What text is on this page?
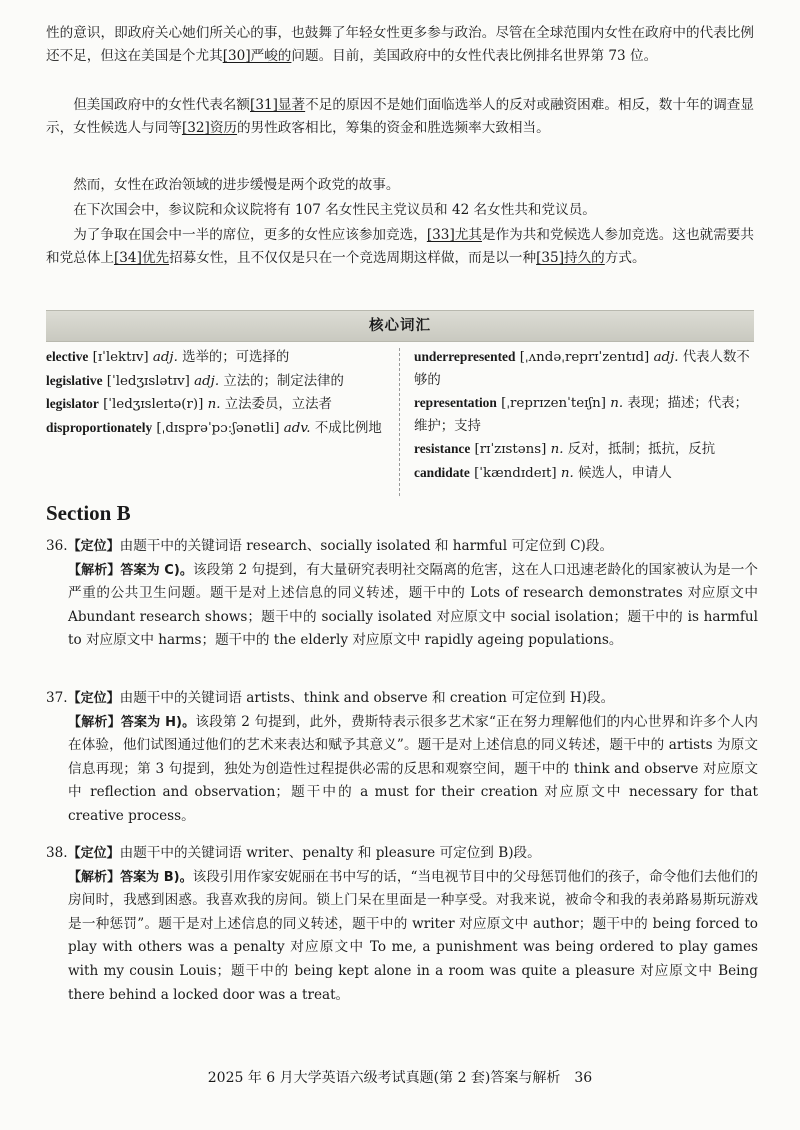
性的意识，即政府关心她们所关心的事，也鼓舞了年轻女性更多参与政治。尽管在全球范围内女性在政府中的代表比例还不足，但这在美国是个尤其[30]严峻的问题。目前，美国政府中的女性代表比例排名世界第 73 位。
但美国政府中的女性代表名额[31]显著不足的原因不是她们面临选举人的反对或融资困难。相反，数十年的调查显示，女性候选人与同等[32]资历的男性政客相比，筹集的资金和胜选频率大致相当。
然而，女性在政治领域的进步缓慢是两个政党的故事。
在下次国会中，参议院和众议院将有 107 名女性民主党议员和 42 名女性共和党议员。
为了争取在国会中一半的席位，更多的女性应该参加竞选，[33]尤其是作为共和党候选人参加竞选。这也就需要共和党总体上[34]优先招募女性，且不仅仅是只在一个竞选周期这样做，而是以一种[35]持久的方式。
核心词汇

elective [ɪˈlektɪv] adj. 选举的；可选择的

legislative [ˈledʒɪslətɪv] adj. 立法的；制定法律的

legislator [ˈledʒɪsleɪtə(r)] n. 立法委员，立法者

disproportionately [ˌdɪsprəˈpɔːʃənətli] adv. 不成比例地

underrepresented [ˌʌndəˌreprɪˈzentɪd] adj. 代表人数不够的

representation [ˌreprɪzenˈteɪʃn] n. 表现；描述；代表；维护；支持

resistance [rɪˈzɪstəns] n. 反对，抵制；抵抗，反抗

candidate [ˈkændɪdeɪt] n. 候选人，申请人

Section B
36.【定位】由题干中的关键词语 research、socially isolated 和 harmful 可定位到 C)段。
【解析】答案为 C)。该段第 2 句提到，有大量研究表明社交隔离的危害，这在人口迅速老龄化的国家被认为是一个严重的公共卫生问题。题干是对上述信息的同义转述，题干中的 Lots of research demonstrates 对应原文中 Abundant research shows；题干中的 socially isolated 对应原文中 social isolation；题干中的 is harmful to 对应原文中 harms；题干中的 the elderly 对应原文中 rapidly ageing populations。
37.【定位】由题干中的关键词语 artists、think and observe 和 creation 可定位到 H)段。
【解析】答案为 H)。该段第 2 句提到，此外，费斯特表示很多艺术家“正在努力理解他们的内心世界和许多个人内在体验，他们试图通过他们的艺术来表达和赋予其意义”。题干是对上述信息的同义转述，题干中的 artists 为原文信息再现；第 3 句提到，独处为创造性过程提供必需的反思和观察空间，题干中的 think and observe 对应原文中 reflection and observation；题干中的 a must for their creation 对应原文中 necessary for that creative process。
38.【定位】由题干中的关键词语 writer、penalty 和 pleasure 可定位到 B)段。
【解析】答案为 B)。该段引用作家安妮丽在书中写的话，“当电视节目中的父母惩罚他们的孩子，命令他们去他们的房间时，我感到困惑。我喜欢我的房间。锁上门呆在里面是一种享受。对我来说，被命令和我的表弟路易斯玩游戏是一种惩罚”。题干是对上述信息的同义转述，题干中的 writer 对应原文中 author；题干中的 being forced to play with others was a penalty 对应原文中 To me, a punishment was being ordered to play games with my cousin Louis；题干中的 being kept alone in a room was quite a pleasure 对应原文中 Being there behind a locked door was a treat。
2025 年 6 月大学英语六级考试真题(第 2 套)答案与解析 36
